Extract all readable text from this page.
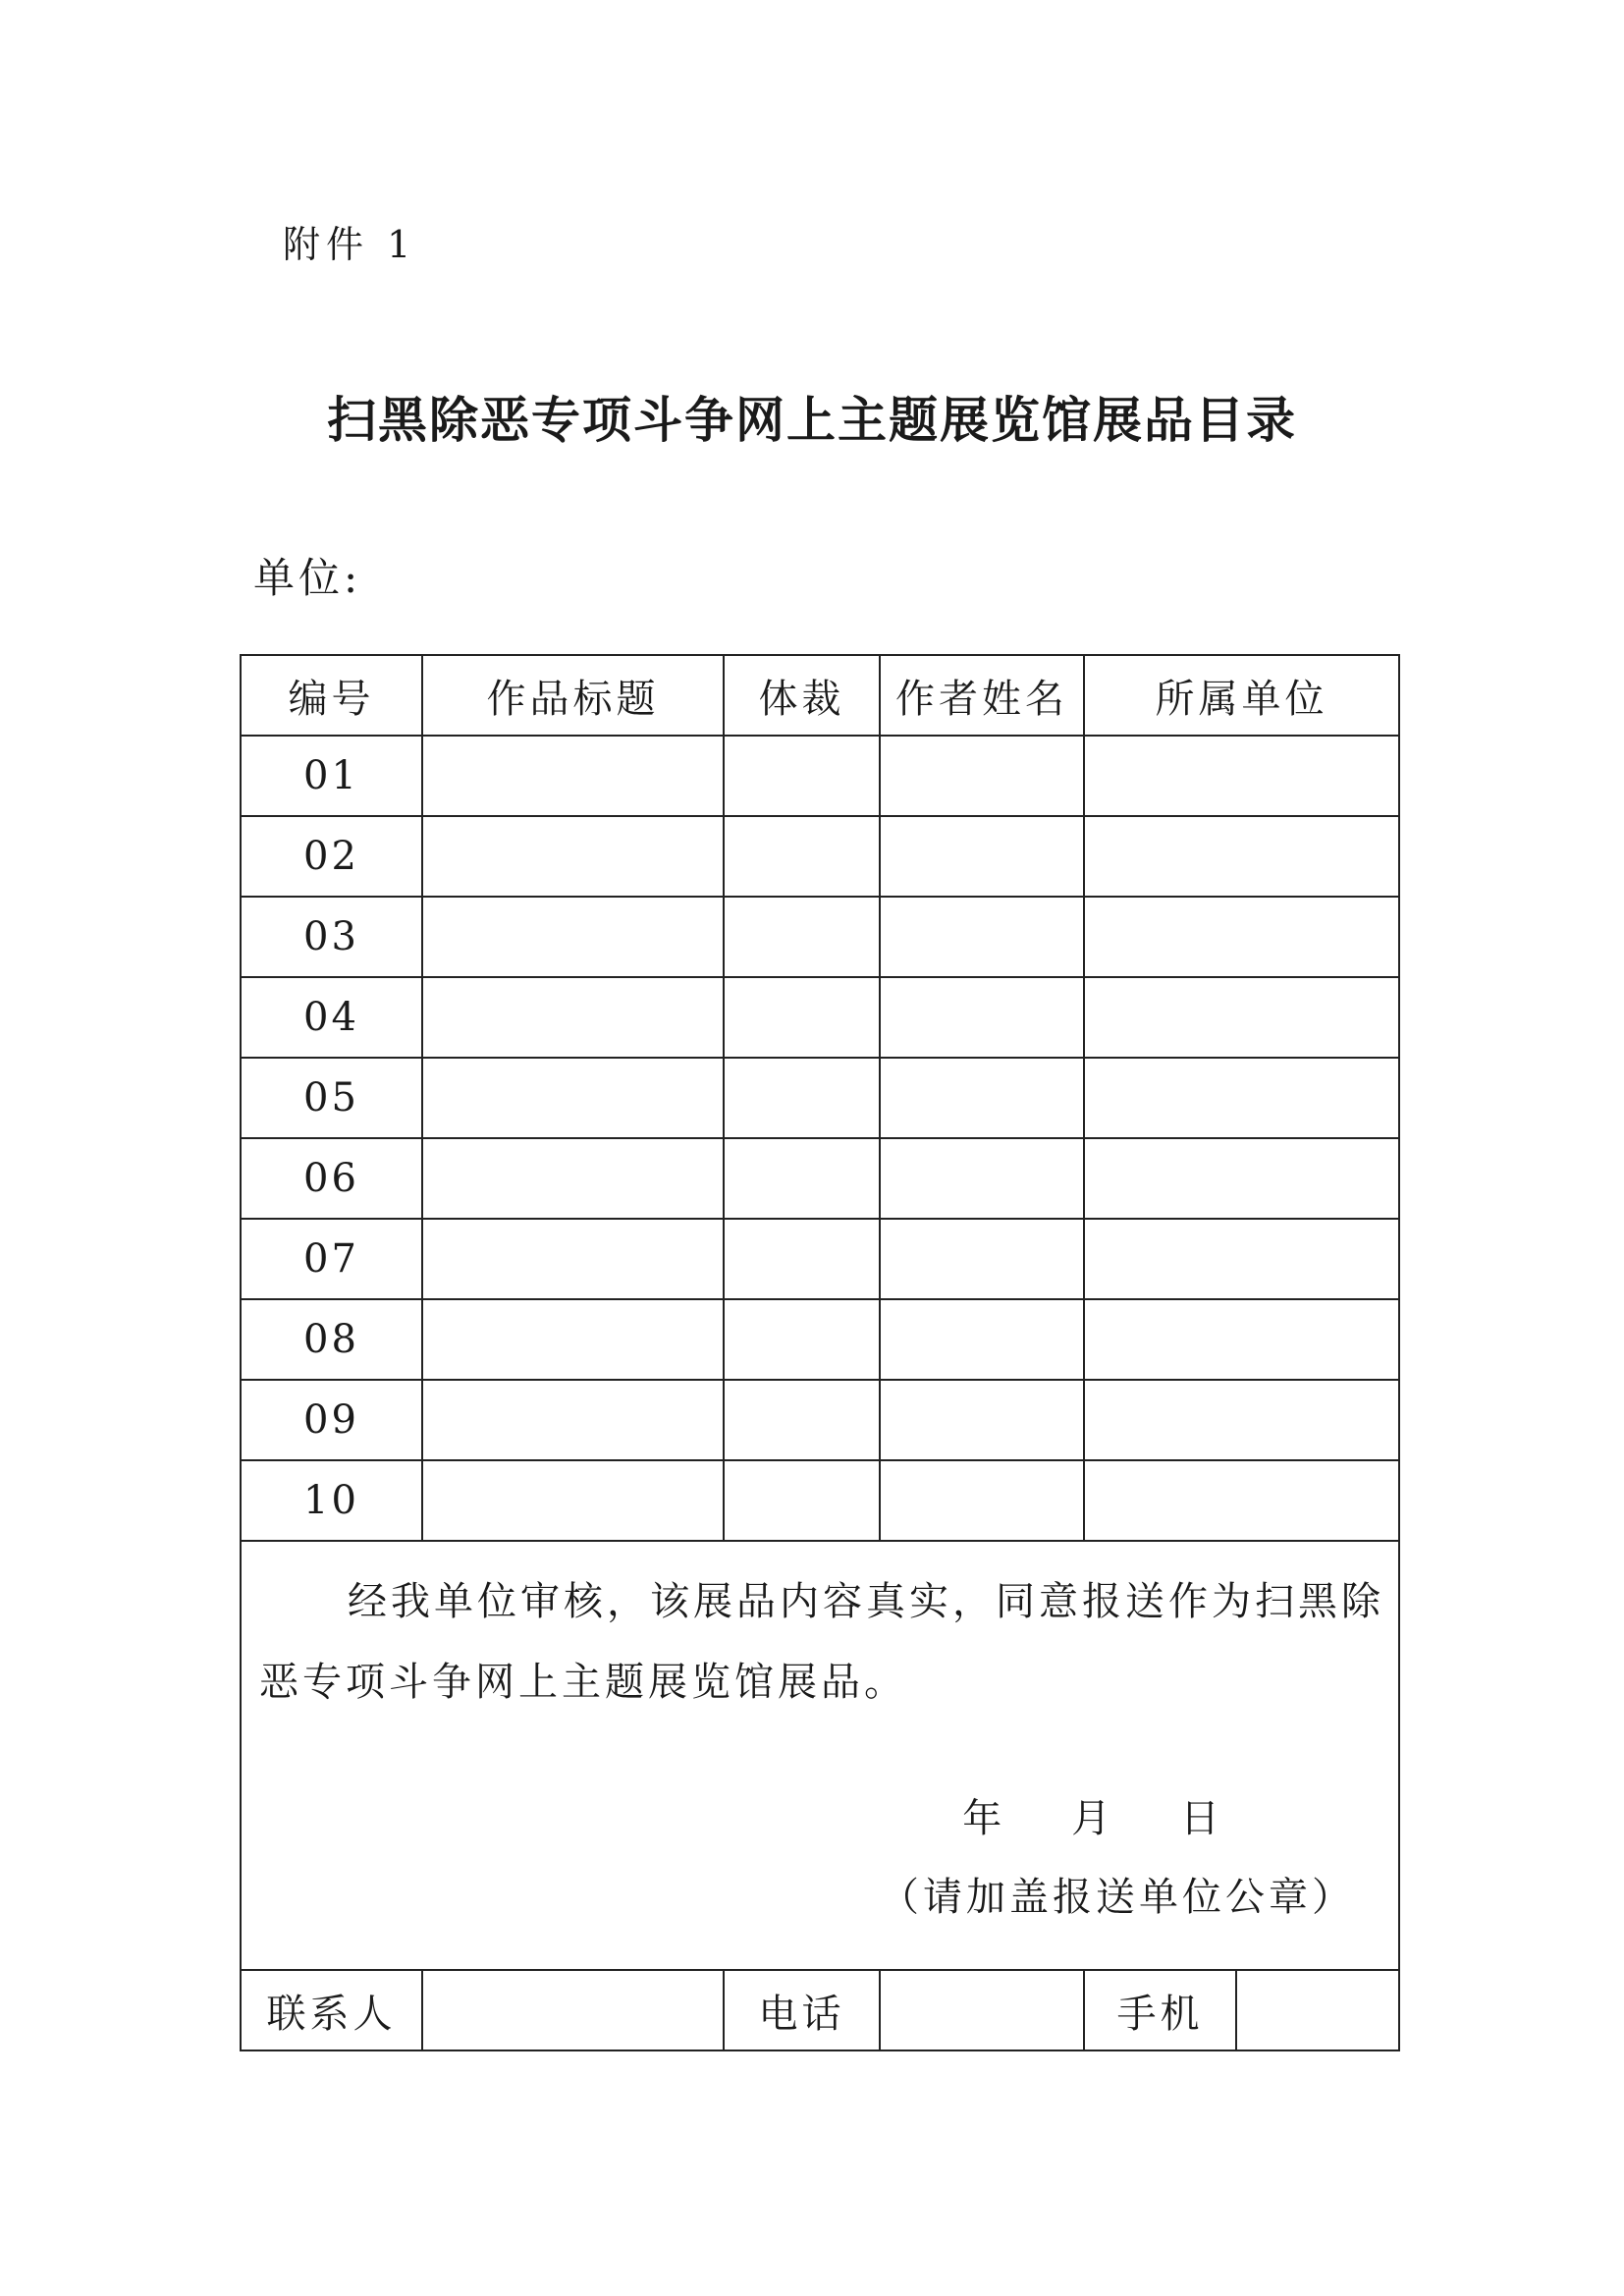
附件 1
扫黑除恶专项斗争网上主题展览馆展品目录
单位:
编号	作品标题	体裁	作者姓名	所属单位	
01					
02					
03					
04					
05					
06					
07					
08					
09					
10					

经我单位审核，该展品内容真实，同意报送作为扫黑除恶专项斗争网上主题展览馆展品。

年    月    日
（请加盖报送单位公章）					

联系人		电话		手机	
